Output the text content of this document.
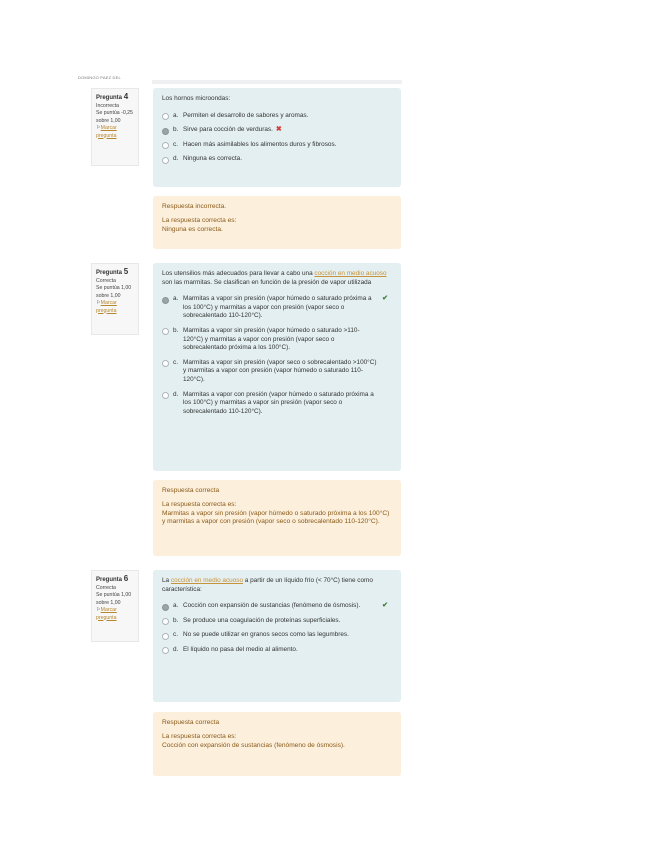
DOMINGO PAEZ DEL
Pregunta 4
Incorrecta
Se puntúa -0,25 sobre 1,00
⚐Marcar pregunta
Los hornos microondas:
a. Permiten el desarrollo de sabores y aromas.
b. Sirve para cocción de verduras. ✖
c. Hacen más asimilables los alimentos duros y fibrosos.
d. Ninguna es correcta.
Respuesta incorrecta.
La respuesta correcta es:
Ninguna es correcta.
Pregunta 5
Correcta
Se puntúa 1,00 sobre 1,00
⚐Marcar pregunta
Los utensilios más adecuados para llevar a cabo una cocción en medio acuoso son las marmitas. Se clasifican en función de la presión de vapor utilizada
a. Marmitas a vapor sin presión (vapor húmedo o saturado próxima a los 100°C) y marmitas a vapor con presión (vapor seco o sobrecalentado 110-120°C).
✔
b. Marmitas a vapor sin presión (vapor húmedo o saturado >110-120°C) y marmitas a vapor con presión (vapor seco o sobrecalentado próxima a los 100°C).
c. Marmitas a vapor sin presión (vapor seco o sobrecalentado >100°C) y marmitas a vapor con presión (vapor húmedo o saturado 110-120°C).
d. Marmitas a vapor con presión (vapor húmedo o saturado próxima a los 100°C) y marmitas a vapor sin presión (vapor seco o sobrecalentado 110-120°C).
Respuesta correcta
La respuesta correcta es:
Marmitas a vapor sin presión (vapor húmedo o saturado próxima a los 100°C) y marmitas a vapor con presión (vapor seco o sobrecalentado 110-120°C).
Pregunta 6
Correcta
Se puntúa 1,00 sobre 1,00
⚐Marcar pregunta
La cocción en medio acuoso a partir de un líquido frío (< 70°C) tiene como característica:
a. Cocción con expansión de sustancias (fenómeno de ósmosis).	✔
b. Se produce una coagulación de proteínas superficiales.
c. No se puede utilizar en granos secos como las legumbres.
d. El líquido no pasa del medio al alimento.
Respuesta correcta
La respuesta correcta es:
Cocción con expansión de sustancias (fenómeno de ósmosis).
